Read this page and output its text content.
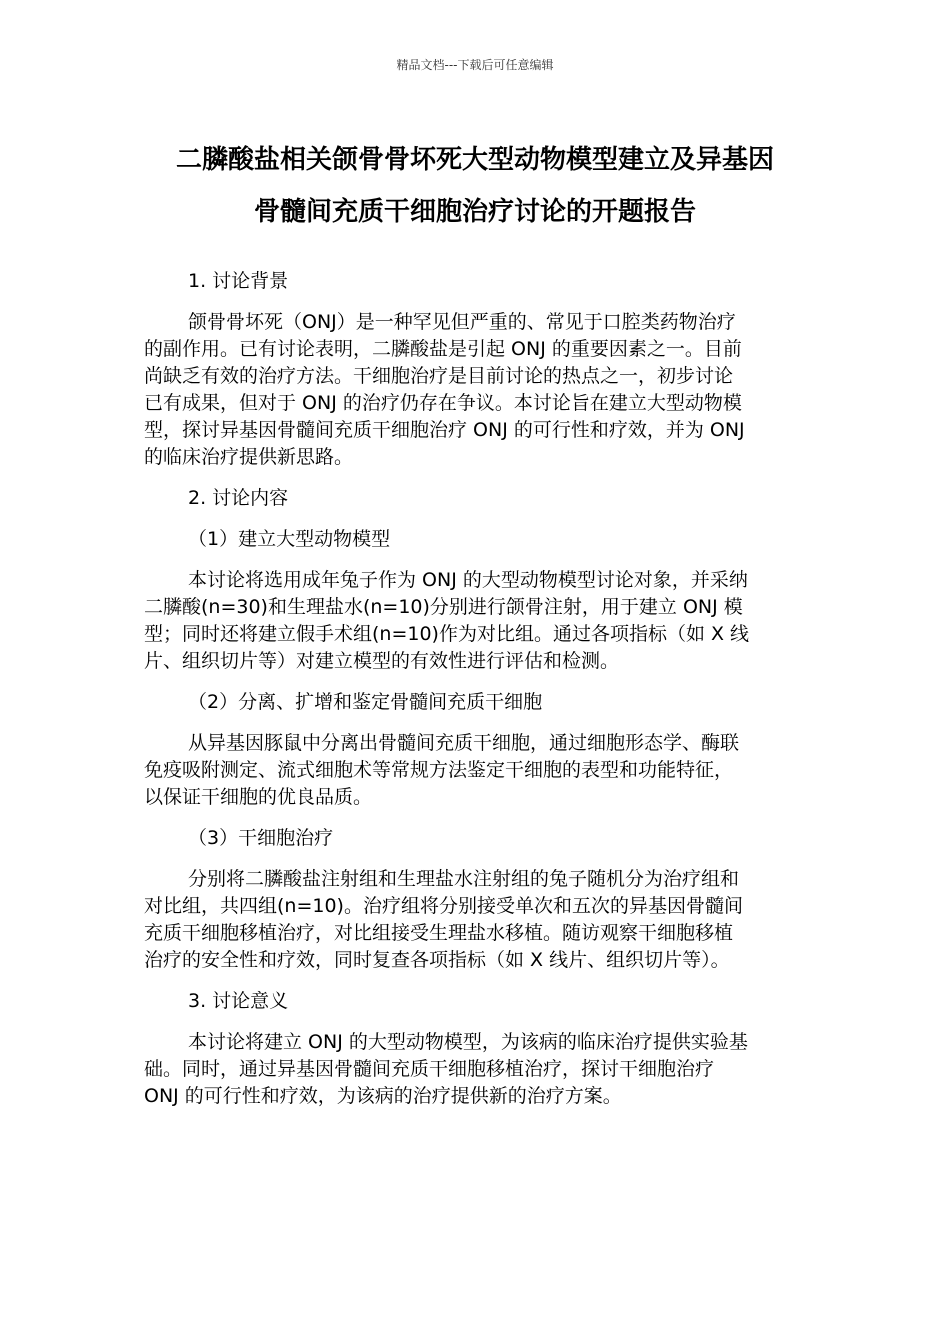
精品文档---下载后可任意编辑
二膦酸盐相关颌骨骨坏死大型动物模型建立及异基因
骨髓间充质干细胞治疗讨论的开题报告

1. 讨论背景

颌骨骨坏死（ONJ）是一种罕见但严重的、常见于口腔类药物治疗
的副作用。已有讨论表明，二膦酸盐是引起 ONJ 的重要因素之一。目前
尚缺乏有效的治疗方法。干细胞治疗是目前讨论的热点之一，初步讨论
已有成果，但对于 ONJ 的治疗仍存在争议。本讨论旨在建立大型动物模
型，探讨异基因骨髓间充质干细胞治疗 ONJ 的可行性和疗效，并为 ONJ
的临床治疗提供新思路。

2. 讨论内容

（1）建立大型动物模型

本讨论将选用成年兔子作为 ONJ 的大型动物模型讨论对象，并采纳
二膦酸(n=30)和生理盐水(n=10)分别进行颌骨注射，用于建立 ONJ 模
型；同时还将建立假手术组(n=10)作为对比组。通过各项指标（如 X 线
片、组织切片等）对建立模型的有效性进行评估和检测。

（2）分离、扩增和鉴定骨髓间充质干细胞

从异基因豚鼠中分离出骨髓间充质干细胞，通过细胞形态学、酶联
免疫吸附测定、流式细胞术等常规方法鉴定干细胞的表型和功能特征，
以保证干细胞的优良品质。

（3）干细胞治疗

分别将二膦酸盐注射组和生理盐水注射组的兔子随机分为治疗组和
对比组，共四组(n=10)。治疗组将分别接受单次和五次的异基因骨髓间
充质干细胞移植治疗，对比组接受生理盐水移植。随访观察干细胞移植
治疗的安全性和疗效，同时复查各项指标（如 X 线片、组织切片等）。

3. 讨论意义

本讨论将建立 ONJ 的大型动物模型，为该病的临床治疗提供实验基
础。同时，通过异基因骨髓间充质干细胞移植治疗，探讨干细胞治疗
ONJ 的可行性和疗效，为该病的治疗提供新的治疗方案。
